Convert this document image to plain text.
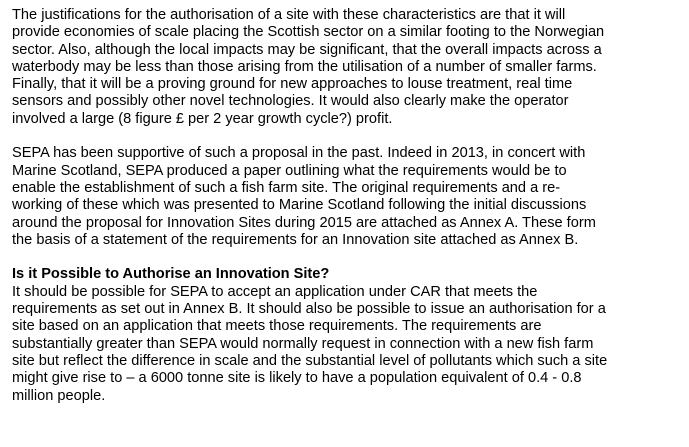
The justifications for the authorisation of a site with these characteristics are that it will
provide economies of scale placing the Scottish sector on a similar footing to the Norwegian
sector. Also, although the local impacts may be significant, that the overall impacts across a
waterbody may be less than those arising from the utilisation of a number of smaller farms.
Finally, that it will be a proving ground for new approaches to louse treatment, real time
sensors and possibly other novel technologies. It would also clearly make the operator
involved a large (8 figure £ per 2 year growth cycle?) profit.
SEPA has been supportive of such a proposal in the past. Indeed in 2013, in concert with
Marine Scotland, SEPA produced a paper outlining what the requirements would be to
enable the establishment of such a fish farm site. The original requirements and a re-
working of these which was presented to Marine Scotland following the initial discussions
around the proposal for Innovation Sites during 2015 are attached as Annex A. These form
the basis of a statement of the requirements for an Innovation site attached as Annex B.
Is it Possible to Authorise an Innovation Site?
It should be possible for SEPA to accept an application under CAR that meets the
requirements as set out in Annex B. It should also be possible to issue an authorisation for a
site based on an application that meets those requirements. The requirements are
substantially greater than SEPA would normally request in connection with a new fish farm
site but reflect the difference in scale and the substantial level of pollutants which such a site
might give rise to – a 6000 tonne site is likely to have a population equivalent of 0.4 - 0.8
million people.
